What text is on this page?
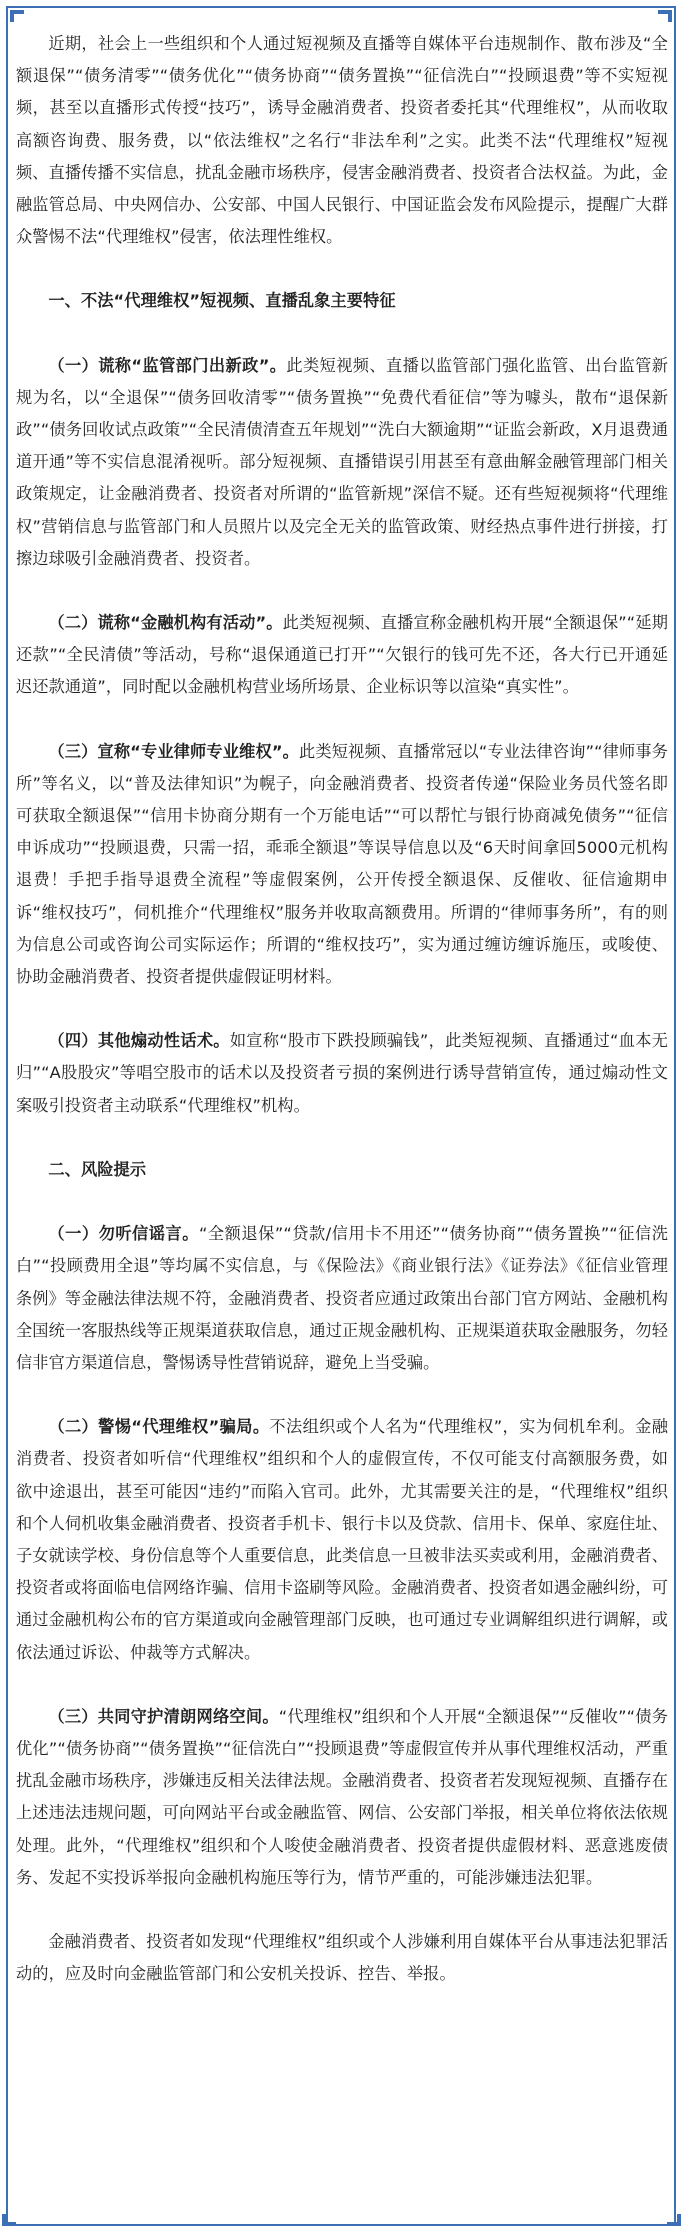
近期，社会上一些组织和个人通过短视频及直播等自媒体平台违规制作、散布涉及“全额退保”“债务清零”“债务优化”“债务协商”“债务置换”“征信洗白”“投顾退费”等不实短视频，甚至以直播形式传授“技巧”，诱导金融消费者、投资者委托其“代理维权”，从而收取高额咨询费、服务费，以“依法维权”之名行“非法牟利”之实。此类不法“代理维权”短视频、直播传播不实信息，扰乱金融市场秩序，侵害金融消费者、投资者合法权益。为此，金融监管总局、中央网信办、公安部、中国人民银行、中国证监会发布风险提示，提醒广大群众警惕不法“代理维权”侵害，依法理性维权。

一、不法“代理维权”短视频、直播乱象主要特征

（一）谎称“监管部门出新政”。此类短视频、直播以监管部门强化监管、出台监管新规为名，以“全退保”“债务回收清零”“债务置换”“免费代看征信”等为噱头，散布“退保新政”“债务回收试点政策”“全民清债清查五年规划”“洗白大额逾期”“证监会新政，X月退费通道开通”等不实信息混淆视听。部分短视频、直播错误引用甚至有意曲解金融管理部门相关政策规定，让金融消费者、投资者对所谓的“监管新规”深信不疑。还有些短视频将“代理维权”营销信息与监管部门和人员照片以及完全无关的监管政策、财经热点事件进行拼接，打擦边球吸引金融消费者、投资者。

（二）谎称“金融机构有活动”。此类短视频、直播宣称金融机构开展“全额退保”“延期还款”“全民清债”等活动，号称“退保通道已打开”“欠银行的钱可先不还，各大行已开通延迟还款通道”，同时配以金融机构营业场所场景、企业标识等以渲染“真实性”。

（三）宣称“专业律师专业维权”。此类短视频、直播常冠以“专业法律咨询”“律师事务所”等名义，以“普及法律知识”为幌子，向金融消费者、投资者传递“保险业务员代签名即可获取全额退保”“信用卡协商分期有一个万能电话”“可以帮忙与银行协商减免债务”“征信申诉成功”“投顾退费，只需一招，乖乖全额退”等误导信息以及“6天时间拿回5000元机构退费！手把手指导退费全流程”等虚假案例，公开传授全额退保、反催收、征信逾期申诉“维权技巧”，伺机推介“代理维权”服务并收取高额费用。所谓的“律师事务所”，有的则为信息公司或咨询公司实际运作；所谓的“维权技巧”，实为通过缠访缠诉施压，或唆使、协助金融消费者、投资者提供虚假证明材料。

（四）其他煽动性话术。如宣称“股市下跌投顾骗钱”，此类短视频、直播通过“血本无归”“A股股灾”等唱空股市的话术以及投资者亏损的案例进行诱导营销宣传，通过煽动性文案吸引投资者主动联系“代理维权”机构。

二、风险提示

（一）勿听信谣言。“全额退保”“贷款/信用卡不用还”“债务协商”“债务置换”“征信洗白”“投顾费用全退”等均属不实信息，与《保险法》《商业银行法》《证券法》《征信业管理条例》等金融法律法规不符，金融消费者、投资者应通过政策出台部门官方网站、金融机构全国统一客服热线等正规渠道获取信息，通过正规金融机构、正规渠道获取金融服务，勿轻信非官方渠道信息，警惕诱导性营销说辞，避免上当受骗。

（二）警惕“代理维权”骗局。不法组织或个人名为“代理维权”，实为伺机牟利。金融消费者、投资者如听信“代理维权”组织和个人的虚假宣传，不仅可能支付高额服务费，如欲中途退出，甚至可能因“违约”而陷入官司。此外，尤其需要关注的是，“代理维权”组织和个人伺机收集金融消费者、投资者手机卡、银行卡以及贷款、信用卡、保单、家庭住址、子女就读学校、身份信息等个人重要信息，此类信息一旦被非法买卖或利用，金融消费者、投资者或将面临电信网络诈骗、信用卡盗刷等风险。金融消费者、投资者如遇金融纠纷，可通过金融机构公布的官方渠道或向金融管理部门反映，也可通过专业调解组织进行调解，或依法通过诉讼、仲裁等方式解决。

（三）共同守护清朗网络空间。“代理维权”组织和个人开展“全额退保”“反催收”“债务优化”“债务协商”“债务置换”“征信洗白”“投顾退费”等虚假宣传并从事代理维权活动，严重扰乱金融市场秩序，涉嫌违反相关法律法规。金融消费者、投资者若发现短视频、直播存在上述违法违规问题，可向网站平台或金融监管、网信、公安部门举报，相关单位将依法依规处理。此外，“代理维权”组织和个人唆使金融消费者、投资者提供虚假材料、恶意逃废债务、发起不实投诉举报向金融机构施压等行为，情节严重的，可能涉嫌违法犯罪。

金融消费者、投资者如发现“代理维权”组织或个人涉嫌利用自媒体平台从事违法犯罪活动的，应及时向金融监管部门和公安机关投诉、控告、举报。
